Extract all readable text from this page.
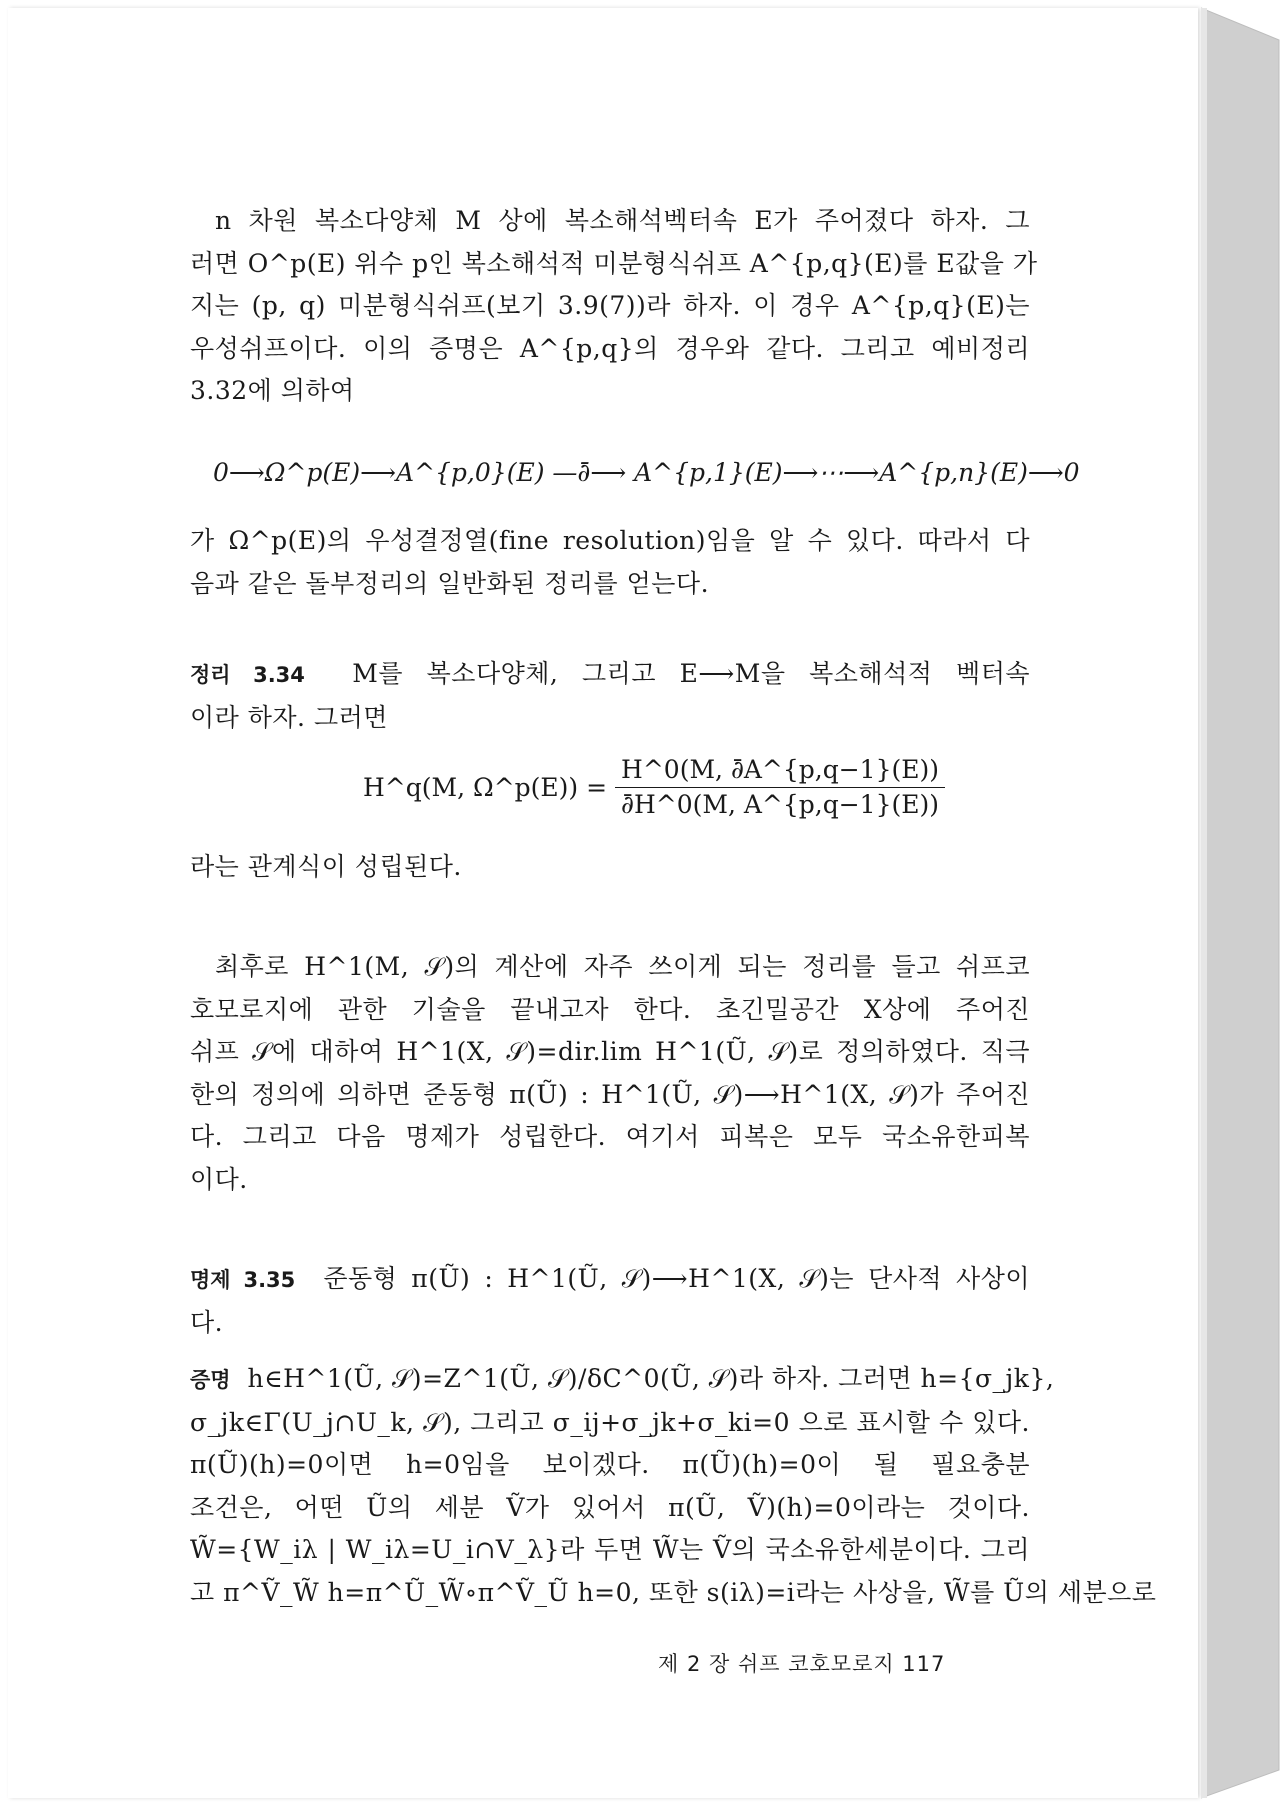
n 차원 복소다양체 M 상에 복소해석벡터속 E가 주어졌다 하자. 그
러면 O^p(E) 위수 p인 복소해석적 미분형식쉬프 A^{p,q}(E)를 E값을 가
지는 (p, q) 미분형식쉬프(보기 3.9(7))라 하자. 이 경우 A^{p,q}(E)는
우성쉬프이다. 이의 증명은 A^{p,q}의 경우와 같다. 그리고 예비정리
3.32에 의하여
0⟶Ω^p(E)⟶A^{p,0}(E) —∂̄⟶ A^{p,1}(E)⟶⋯⟶A^{p,n}(E)⟶0
가 Ω^p(E)의 우성결정열(fine resolution)임을 알 수 있다. 따라서 다
음과 같은 돌부정리의 일반화된 정리를 얻는다.
정리 3.34 M를 복소다양체, 그리고 E⟶M을 복소해석적 벡터속
이라 하자. 그러면
H^q(M, Ω^p(E)) = $\frac{H\^{}0(M, \partial̄A\^{}\{p,q-1\}(E))}{\partial̄H\^{}0(M, A\^{}\{p,q-1\}(E))}$
라는 관계식이 성립된다.
최후로 H^1(M, 𝒮)의 계산에 자주 쓰이게 되는 정리를 들고 쉬프코
호모로지에 관한 기술을 끝내고자 한다. 초긴밀공간 X상에 주어진
쉬프 𝒮에 대하여 H^1(X, 𝒮)=dir.lim H^1(Ũ, 𝒮)로 정의하였다. 직극
한의 정의에 의하면 준동형 π(Ũ) : H^1(Ũ, 𝒮)⟶H^1(X, 𝒮)가 주어진
다. 그리고 다음 명제가 성립한다. 여기서 피복은 모두 국소유한피복
이다.
명제 3.35 준동형 π(Ũ) : H^1(Ũ, 𝒮)⟶H^1(X, 𝒮)는 단사적 사상이
다.
증명 h∈H^1(Ũ, 𝒮)=Z^1(Ũ, 𝒮)/δC^0(Ũ, 𝒮)라 하자. 그러면 h={σ_jk},
σ_jk∈Γ(U_j∩U_k, 𝒮), 그리고 σ_ij+σ_jk+σ_ki=0 으로 표시할 수 있다.
π(Ũ)(h)=0이면 h=0임을 보이겠다. π(Ũ)(h)=0이 될 필요충분
조건은, 어떤 Ũ의 세분 Ṽ가 있어서 π(Ũ, Ṽ)(h)=0이라는 것이다.
W̃={W_iλ | W_iλ=U_i∩V_λ}라 두면 W̃는 Ṽ의 국소유한세분이다. 그리
고 π^Ṽ_W̃ h=π^Ũ_W̃∘π^Ṽ_Ũ h=0, 또한 s(iλ)=i라는 사상을, W̃를 Ũ의 세분으로
제 2 장 쉬프 코호모로지 117
